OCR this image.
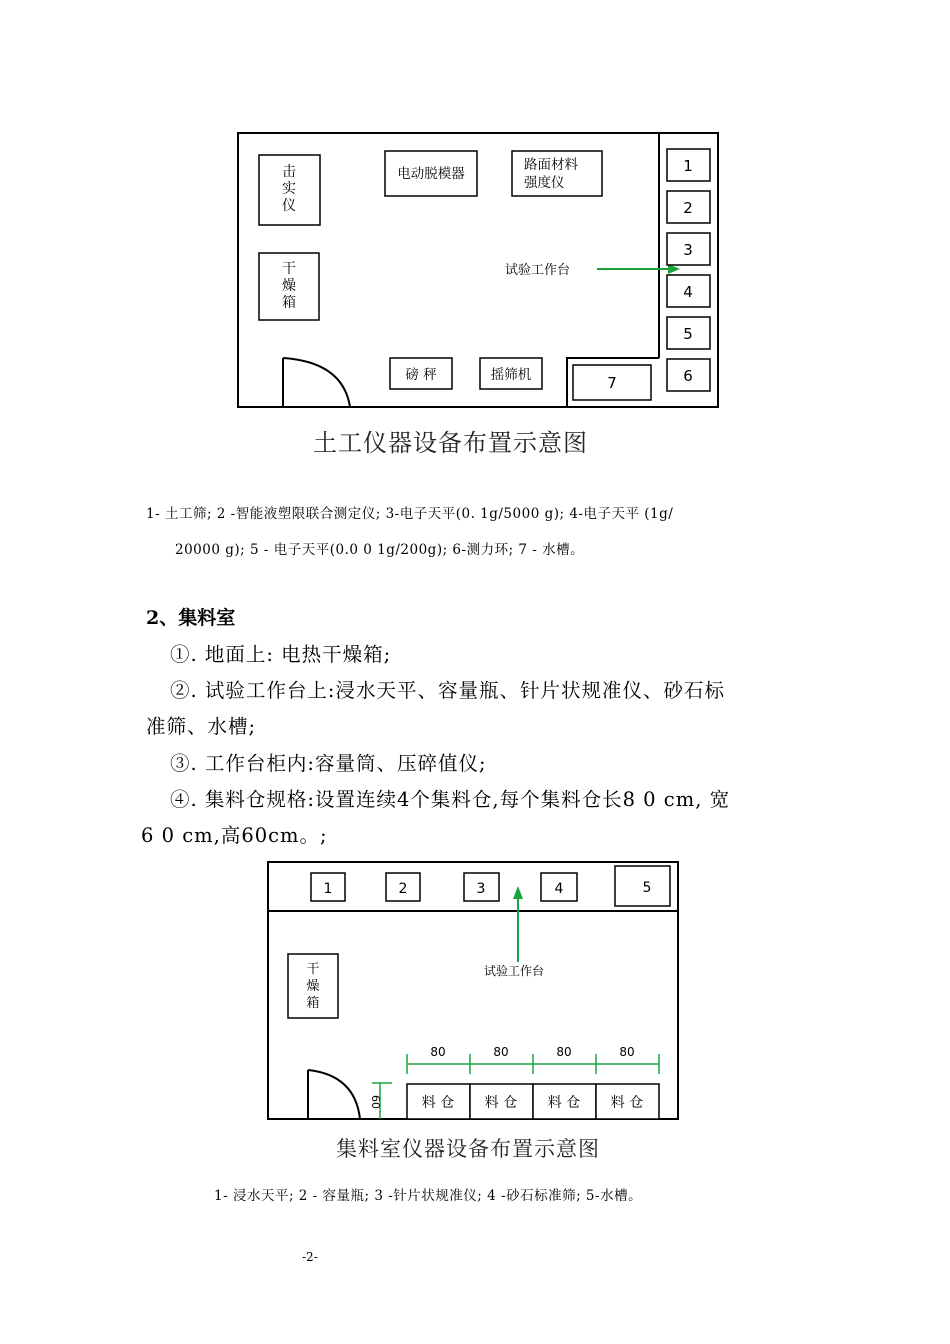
击
实
仪
干
燥
箱
电动脱模器
路面材料
强度仪
试验工作台
1
2
3
4
5
6
7
磅 秤	摇筛机
土工仪器设备布置示意图
1- 土工筛; 2 -智能液塑限联合测定仪; 3-电子天平(0. 1g/5000 g); 4-电子天平 (1g/
20000 g); 5 - 电子天平(0.0 0 1g/200g); 6-测力环; 7 - 水槽。
2、集料室
①. 地面上: 电热干燥箱;
②. 试验工作台上:浸水天平、容量瓶、针片状规准仪、砂石标
准筛、水槽;
③. 工作台柜内:容量筒、压碎值仪;
④. 集料仓规格:设置连续4个集料仓,每个集料仓长8 0 cm, 宽
6 0 cm,高60cm。;
1	2	3	4	5
试验工作台
干
燥
箱
80	80	80	80
60	料 仓 料 仓 料 仓 料 仓
集料室仪器设备布置示意图
1- 浸水天平; 2 - 容量瓶; 3 -针片状规准仪; 4 -砂石标准筛; 5-水槽。
-2-
